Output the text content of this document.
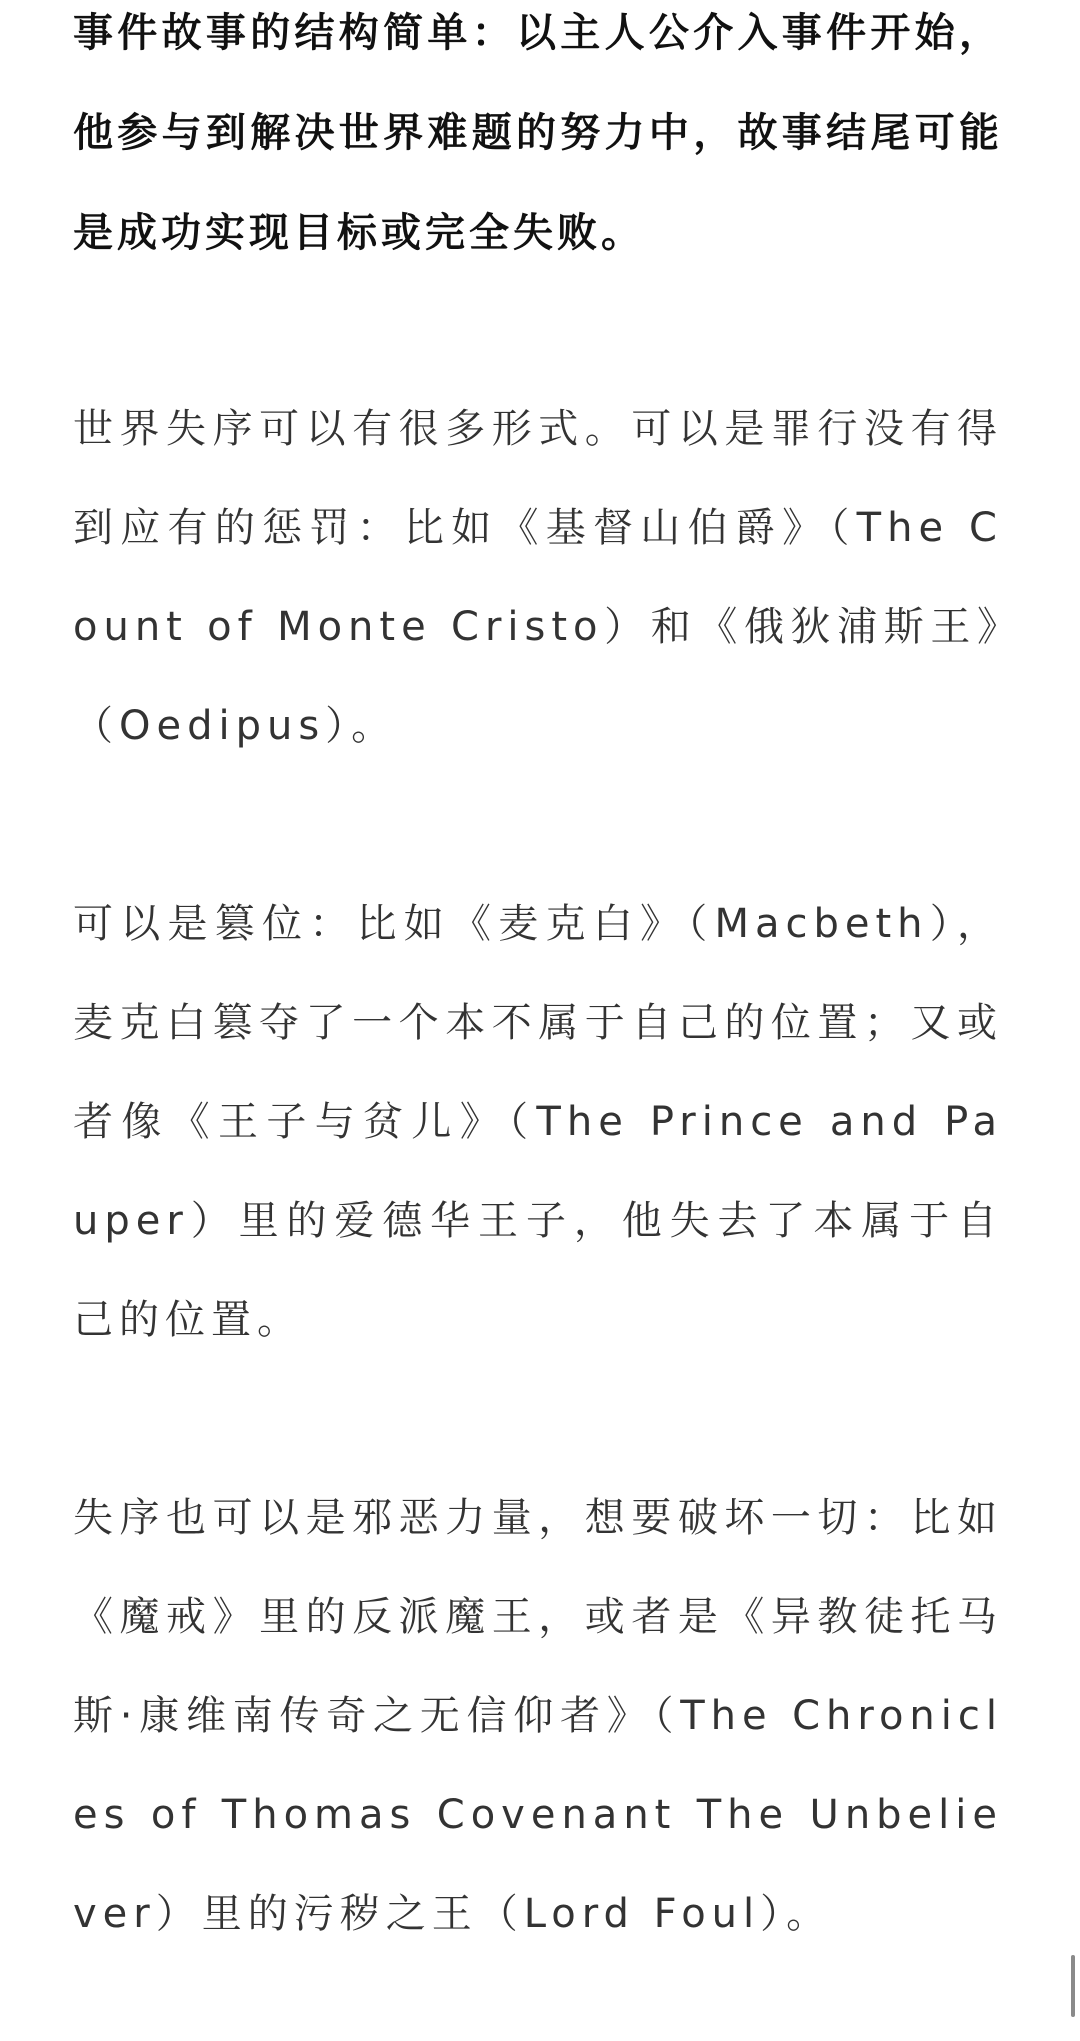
事件故事的结构简单：以主人公介入事件开始，他参与到解决世界难题的努力中，故事结尾可能是成功实现目标或完全失败。

世界失序可以有很多形式。可以是罪行没有得到应有的惩罚：比如《基督山伯爵》（The Count of Monte Cristo）和《俄狄浦斯王》（Oedipus）。

可以是篡位：比如《麦克白》（Macbeth），麦克白篡夺了一个本不属于自己的位置；又或者像《王子与贫儿》（The Prince and Pauper）里的爱德华王子，他失去了本属于自己的位置。

失序也可以是邪恶力量，想要破坏一切：比如《魔戒》里的反派魔王，或者是《异教徒托马斯·康维南传奇之无信仰者》（The Chronicles of Thomas Covenant The Unbeliever）里的污秽之王（Lord Foul）。
